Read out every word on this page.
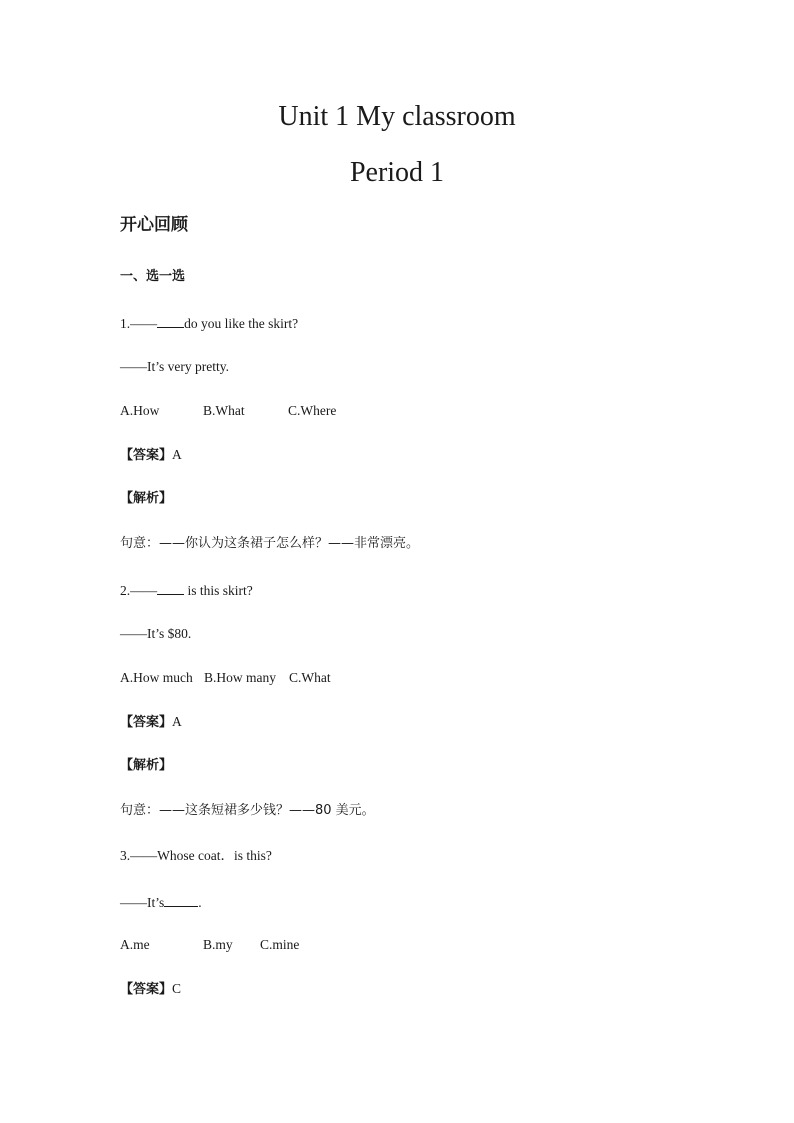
Unit 1 My classroom
Period 1
开心回顾
一、选一选
1.—— do you like the skirt?
——It’s very pretty.
A.How	B.What	C.Where
【答案】A
【解析】
句意：——你认为这条裙子怎么样？——非常漂亮。
2.—— is this skirt?
——It’s $80.
A.How much B.How many C.What
【答案】A
【解析】
句意：——这条短裙多少钱？——80 美元。
3.——Whose coat．is this?
——It’s	.
A.me	B.my C.mine
【答案】C
